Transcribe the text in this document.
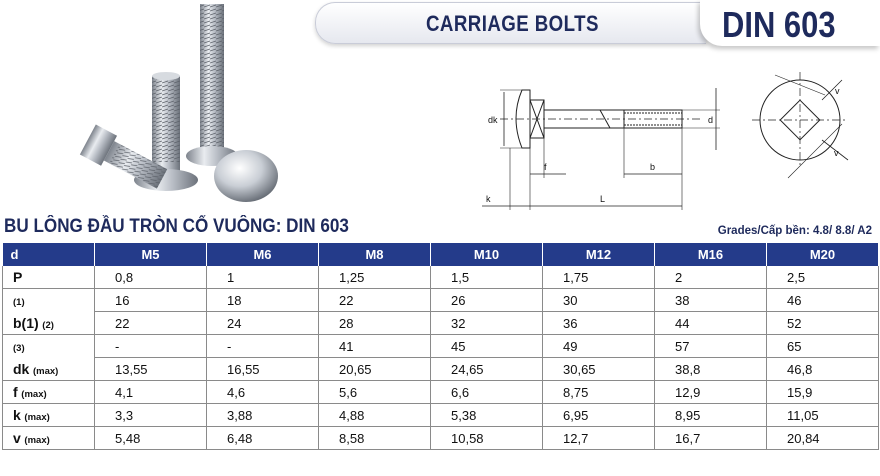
CARRIAGE BOLTS	DIN 603
dk	d
f	b
k	L
v
v
BU LÔNG ĐẦU TRÒN CỔ VUÔNG: DIN 603	Grades/Cấp bền: 4.8/ 8.8/ A2
d	M5	M6	M8	M10	M12	M16	M20
P	0,8	1	1,25	1,5	1,75	2	2,5
(1)	16	18	22	26	30	38	46
b(1) (2)	22	24	28	32	36	44	52
(3)	-	-	41	45	49	57	65
dk (max)	13,55	16,55	20,65	24,65	30,65	38,8	46,8
f (max)	4,1	4,6	5,6	6,6	8,75	12,9	15,9
k (max)	3,3	3,88	4,88	5,38	6,95	8,95	11,05
v (max)	5,48	6,48	8,58	10,58	12,7	16,7	20,84
